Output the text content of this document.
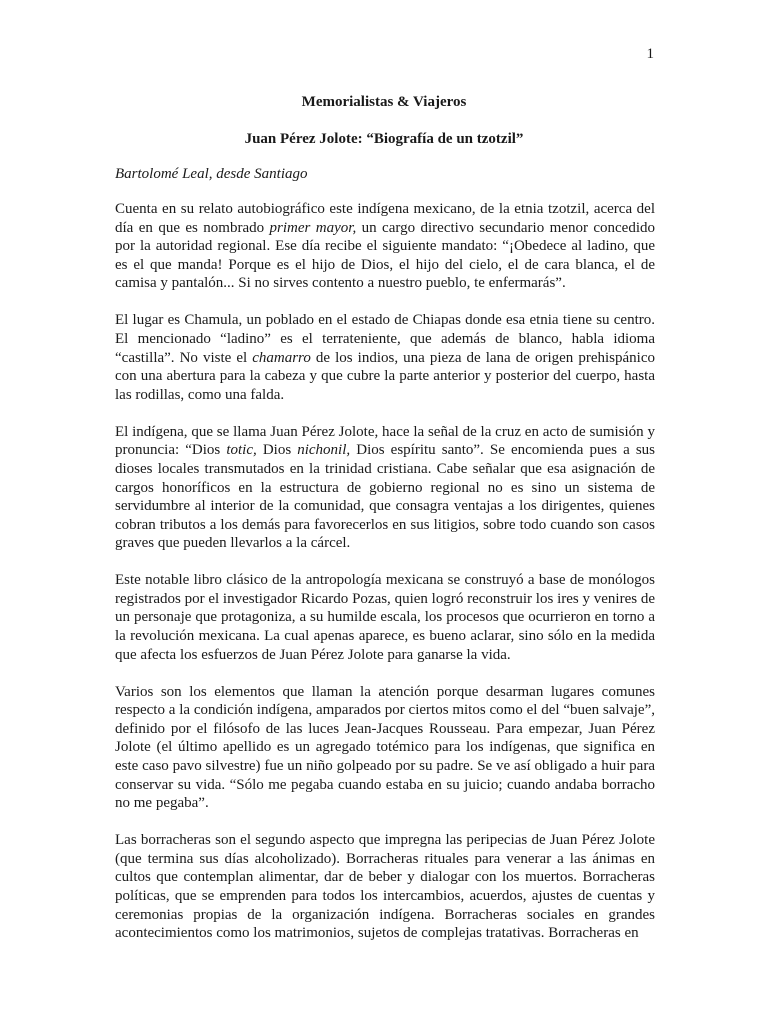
1
Memorialistas & Viajeros
Juan Pérez Jolote: “Biografía de un tzotzil”
Bartolomé Leal, desde Santiago

Cuenta en su relato autobiográfico este indígena mexicano, de la etnia tzotzil, acerca del día en que es nombrado primer mayor, un cargo directivo secundario menor concedido por la autoridad regional. Ese día recibe el siguiente mandato: “¡Obedece al ladino, que es el que manda! Porque es el hijo de Dios, el hijo del cielo, el de cara blanca, el de camisa y pantalón... Si no sirves contento a nuestro pueblo, te enfermarás”.

El lugar es Chamula, un poblado en el estado de Chiapas donde esa etnia tiene su centro. El mencionado “ladino” es el terrateniente, que además de blanco, habla idioma “castilla”. No viste el chamarro de los indios, una pieza de lana de origen prehispánico con una abertura para la cabeza y que cubre la parte anterior y posterior del cuerpo, hasta las rodillas, como una falda.

El indígena, que se llama Juan Pérez Jolote, hace la señal de la cruz en acto de sumisión y pronuncia: “Dios totic, Dios nichonil, Dios espíritu santo”. Se encomienda pues a sus dioses locales transmutados en la trinidad cristiana. Cabe señalar que esa asignación de cargos honoríficos en la estructura de gobierno regional no es sino un sistema de servidumbre al interior de la comunidad, que consagra ventajas a los dirigentes, quienes cobran tributos a los demás para favorecerlos en sus litigios, sobre todo cuando son casos graves que pueden llevarlos a la cárcel.

Este notable libro clásico de la antropología mexicana se construyó a base de monólogos registrados por el investigador Ricardo Pozas, quien logró reconstruir los ires y venires de un personaje que protagoniza, a su humilde escala, los procesos que ocurrieron en torno a la revolución mexicana. La cual apenas aparece, es bueno aclarar, sino sólo en la medida que afecta los esfuerzos de Juan Pérez Jolote para ganarse la vida.

Varios son los elementos que llaman la atención porque desarman lugares comunes respecto a la condición indígena, amparados por ciertos mitos como el del “buen salvaje”, definido por el filósofo de las luces Jean-Jacques Rousseau. Para empezar, Juan Pérez Jolote (el último apellido es un agregado totémico para los indígenas, que significa en este caso pavo silvestre) fue un niño golpeado por su padre. Se ve así obligado a huir para conservar su vida. “Sólo me pegaba cuando estaba en su juicio; cuando andaba borracho no me pegaba”.

Las borracheras son el segundo aspecto que impregna las peripecias de Juan Pérez Jolote (que termina sus días alcoholizado). Borracheras rituales para venerar a las ánimas en cultos que contemplan alimentar, dar de beber y dialogar con los muertos. Borracheras políticas, que se emprenden para todos los intercambios, acuerdos, ajustes de cuentas y ceremonias propias de la organización indígena. Borracheras sociales en grandes acontecimientos como los matrimonios, sujetos de complejas tratativas. Borracheras en
